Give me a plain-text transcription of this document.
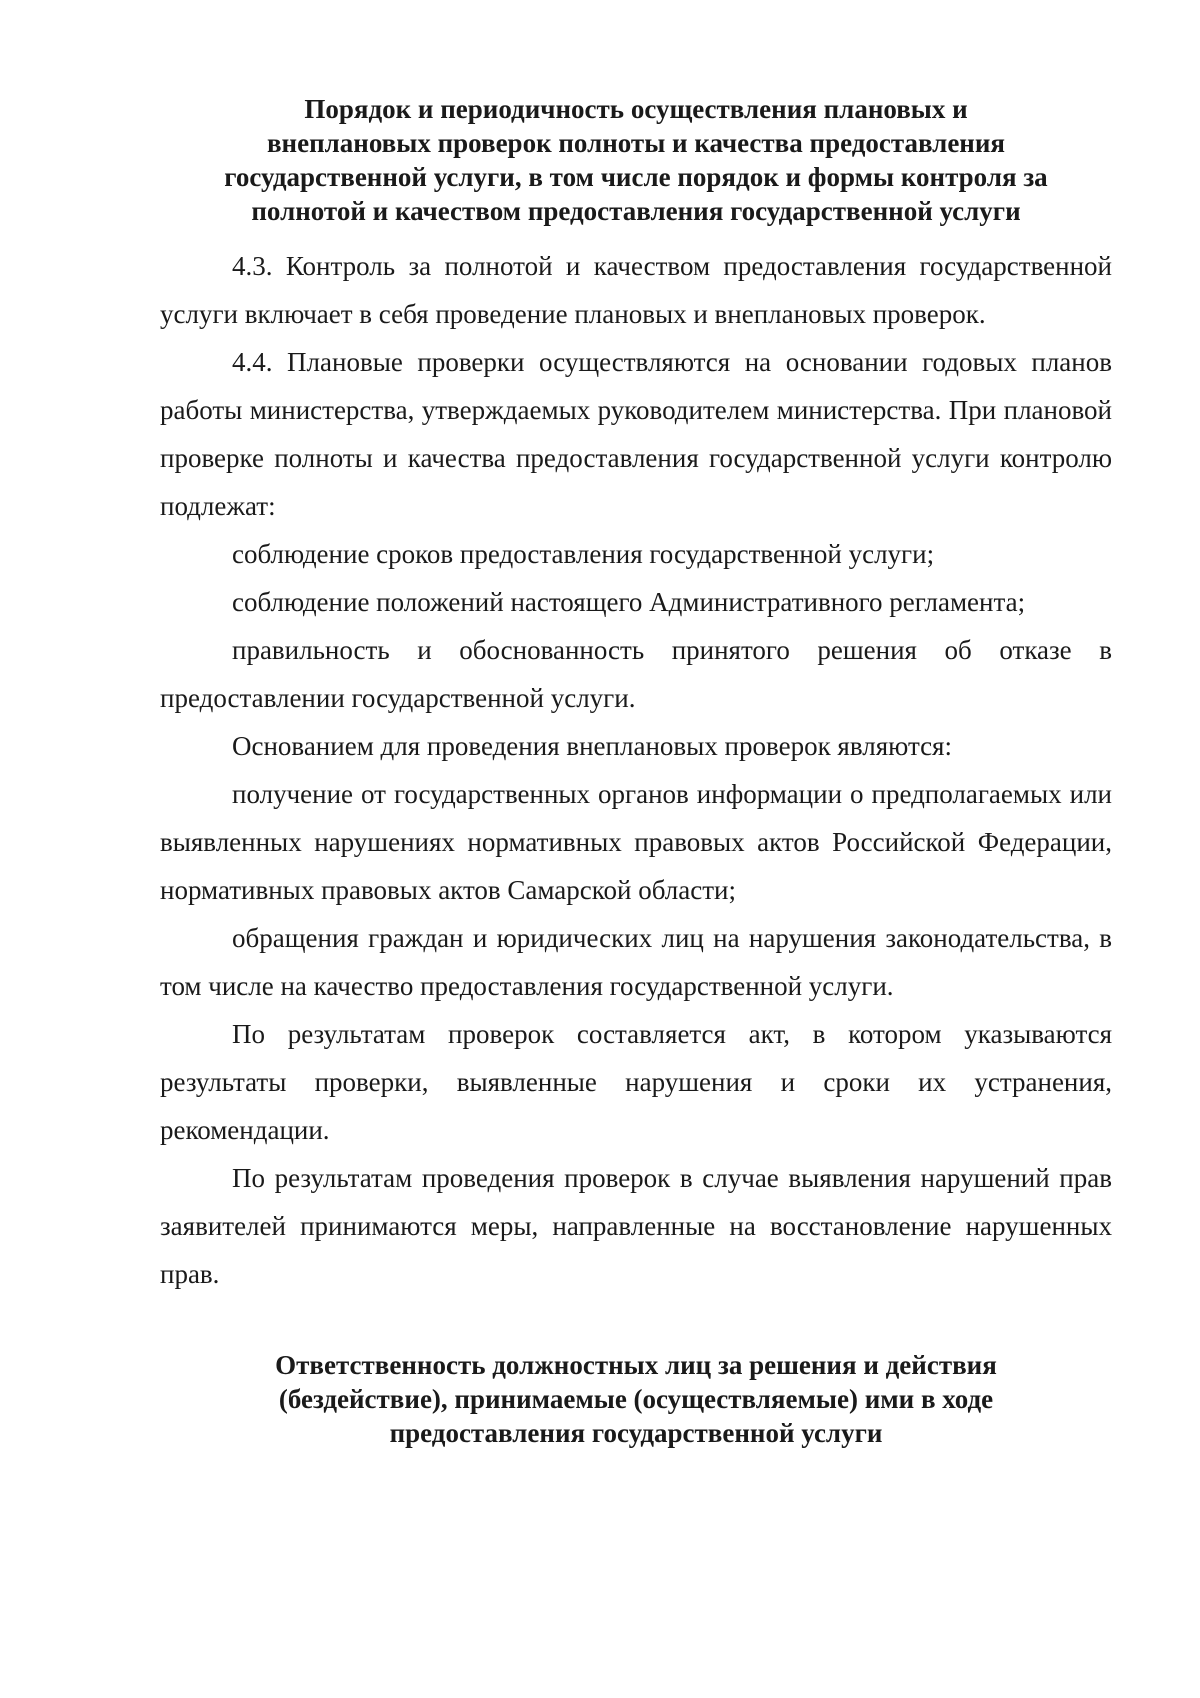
Порядок и периодичность осуществления плановых и
внеплановых проверок полноты и качества предоставления
государственной услуги, в том числе порядок и формы контроля за
полнотой и качеством предоставления государственной услуги

4.3. Контроль за полнотой и качеством предоставления государственной услуги включает в себя проведение плановых и внеплановых проверок.

4.4. Плановые проверки осуществляются на основании годовых планов работы министерства, утверждаемых руководителем министерства. При плановой проверке полноты и качества предоставления государственной услуги контролю подлежат:

соблюдение сроков предоставления государственной услуги;

соблюдение положений настоящего Административного регламента;

правильность и обоснованность принятого решения об отказе в предоставлении государственной услуги.

Основанием для проведения внеплановых проверок являются:

получение от государственных органов информации о предполагаемых или выявленных нарушениях нормативных правовых актов Российской Федерации, нормативных правовых актов Самарской области;

обращения граждан и юридических лиц на нарушения законодательства, в том числе на качество предоставления государственной услуги.

По результатам проверок составляется акт, в котором указываются результаты проверки, выявленные нарушения и сроки их устранения, рекомендации.

По результатам проведения проверок в случае выявления нарушений прав заявителей принимаются меры, направленные на восстановление нарушенных прав.

Ответственность должностных лиц за решения и действия
(бездействие), принимаемые (осуществляемые) ими в ходе
предоставления государственной услуги
